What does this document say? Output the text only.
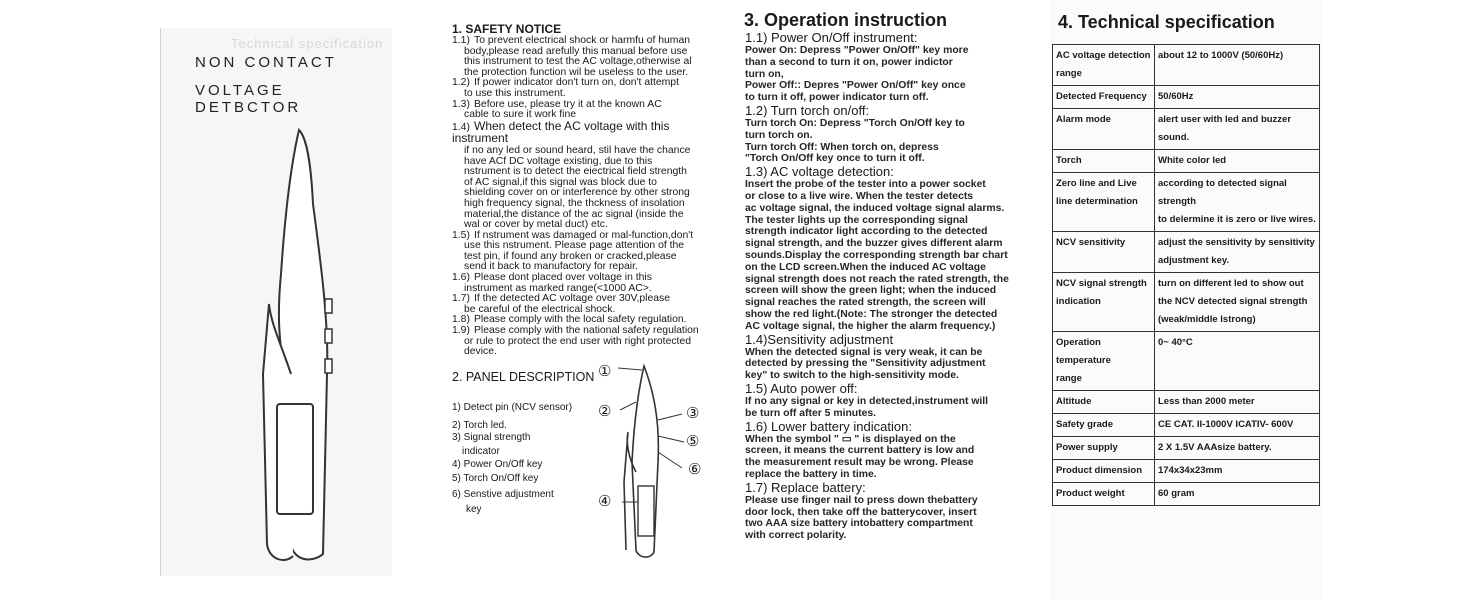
Technical specification
NON CONTACT
VOLTAGE DETBCTOR
1. SAFETY NOTICE

1.1) To prevent electrical shock or harmfu of human

body,please read arefully this manual before use
this instrument to test the AC voltage,otherwise al
the protection function wil be useless to the user.

1.2) If power indicator don't turn on, don't attempt

to use this instrument.

1.3) Before use, please try it at the known AC

cable to sure it work fine

1.4) When detect the AC voltage with this instrument

if no any led or sound heard, stil have the chance
have ACf DC voltage existing, due to this
nstrument is to detect the eiectrical field strength
of AC signal,if this signal was block due to
shielding cover on or interference by other strong
high frequency signal, the thckness of insolation
material,the distance of the ac signal (inside the
wal or cover by metal duct) etc.

1.5) If nstrument was damaged or mal-function,don't

use this nstrument. Please page attention of the
test pin, if found any broken or cracked,please
send it back to manufactory for repair.

1.6) Please dont placed over voltage in this

instrument as marked range(<1000 AC>.

1.7) If the detected AC voltage over 30V,please

be careful of the electrical shock.

1.8) Please comply with the local safety regulation.

1.9) Please comply with the national safety regulation

or rule to protect the end user with right protected
device.

2. PANEL DESCRIPTION
1) Detect pin (NCV sensor)
2) Torch led.
3) Signal strength
indicator
4) Power On/Off key
5) Torch On/Off key
6) Senstive adjustment
key
①
②	③
④
⑤
⑥
3. Operation instruction

1.1) Power On/Off instrument:

Power On: Depress "Power On/Off" key more

than a second to turn it on, power indictor

turn on,

Power Off:: Depres "Power On/Off" key once

to turn it off, power indicator turn off.

1.2) Turn torch on/off:

Turn torch On: Depress "Torch On/Off key to

turn torch on.

Turn torch Off: When torch on, depress

"Torch On/Off key once to turn it off.

1.3) AC voltage detection:

Insert the probe of the tester into a power socket

or close to a live wire. When the tester detects

ac voltage signal, the induced voltage signal alarms.

The tester lights up the corresponding signal

strength indicator light according to the detected

signal strength, and the buzzer gives different alarm

sounds.Display the corresponding strength bar chart

on the LCD screen.When the induced AC voltage

signal strength does not reach the rated strength, the

screen will show the green light; when the induced

signal reaches the rated strength, the screen will

show the red light.(Note: The stronger the detected

AC voltage signal, the higher the alarm frequency.)

1.4)Sensitivity adjustment

When the detected signal is very weak, it can be

detected by pressing the "Sensitivity adjustment

key" to switch to the high-sensitivity mode.

1.5) Auto power off:

If no any signal or key in detected,instrument will

be turn off after 5 minutes.

1.6) Lower battery indication:

When the symbol " ▭ " is displayed on the

screen, it means the current battery is low and

the measurement result may be wrong. Please

replace the battery in time.

1.7) Replace battery:

Please use finger nail to press down thebattery

door lock, then take off the batterycover, insert

two AAA size battery intobattery compartment

with correct polarity.

4. Technical specification
AC voltage detection
range	about 12 to 1000V (50/60Hz)
Detected Frequency	50/60Hz
Alarm mode	alert user with led and buzzer sound.
Torch	White color led
Zero line and Live
line determination	according to detected signal strength
to delermine it is zero or live wires.
NCV sensitivity	adjust the sensitivity by sensitivity
adjustment key.
NCV signal strength
indication	turn on different led to show out
the NCV detected signal strength
(weak/middle lstrong)
Operation temperature
range	0~ 40°C
Altitude	Less than 2000 meter
Safety grade	CE CAT. II-1000V ICATIV- 600V
Power supply	2 X 1.5V AAAsize battery.
Product dimension	174x34x23mm
Product weight	60 gram
